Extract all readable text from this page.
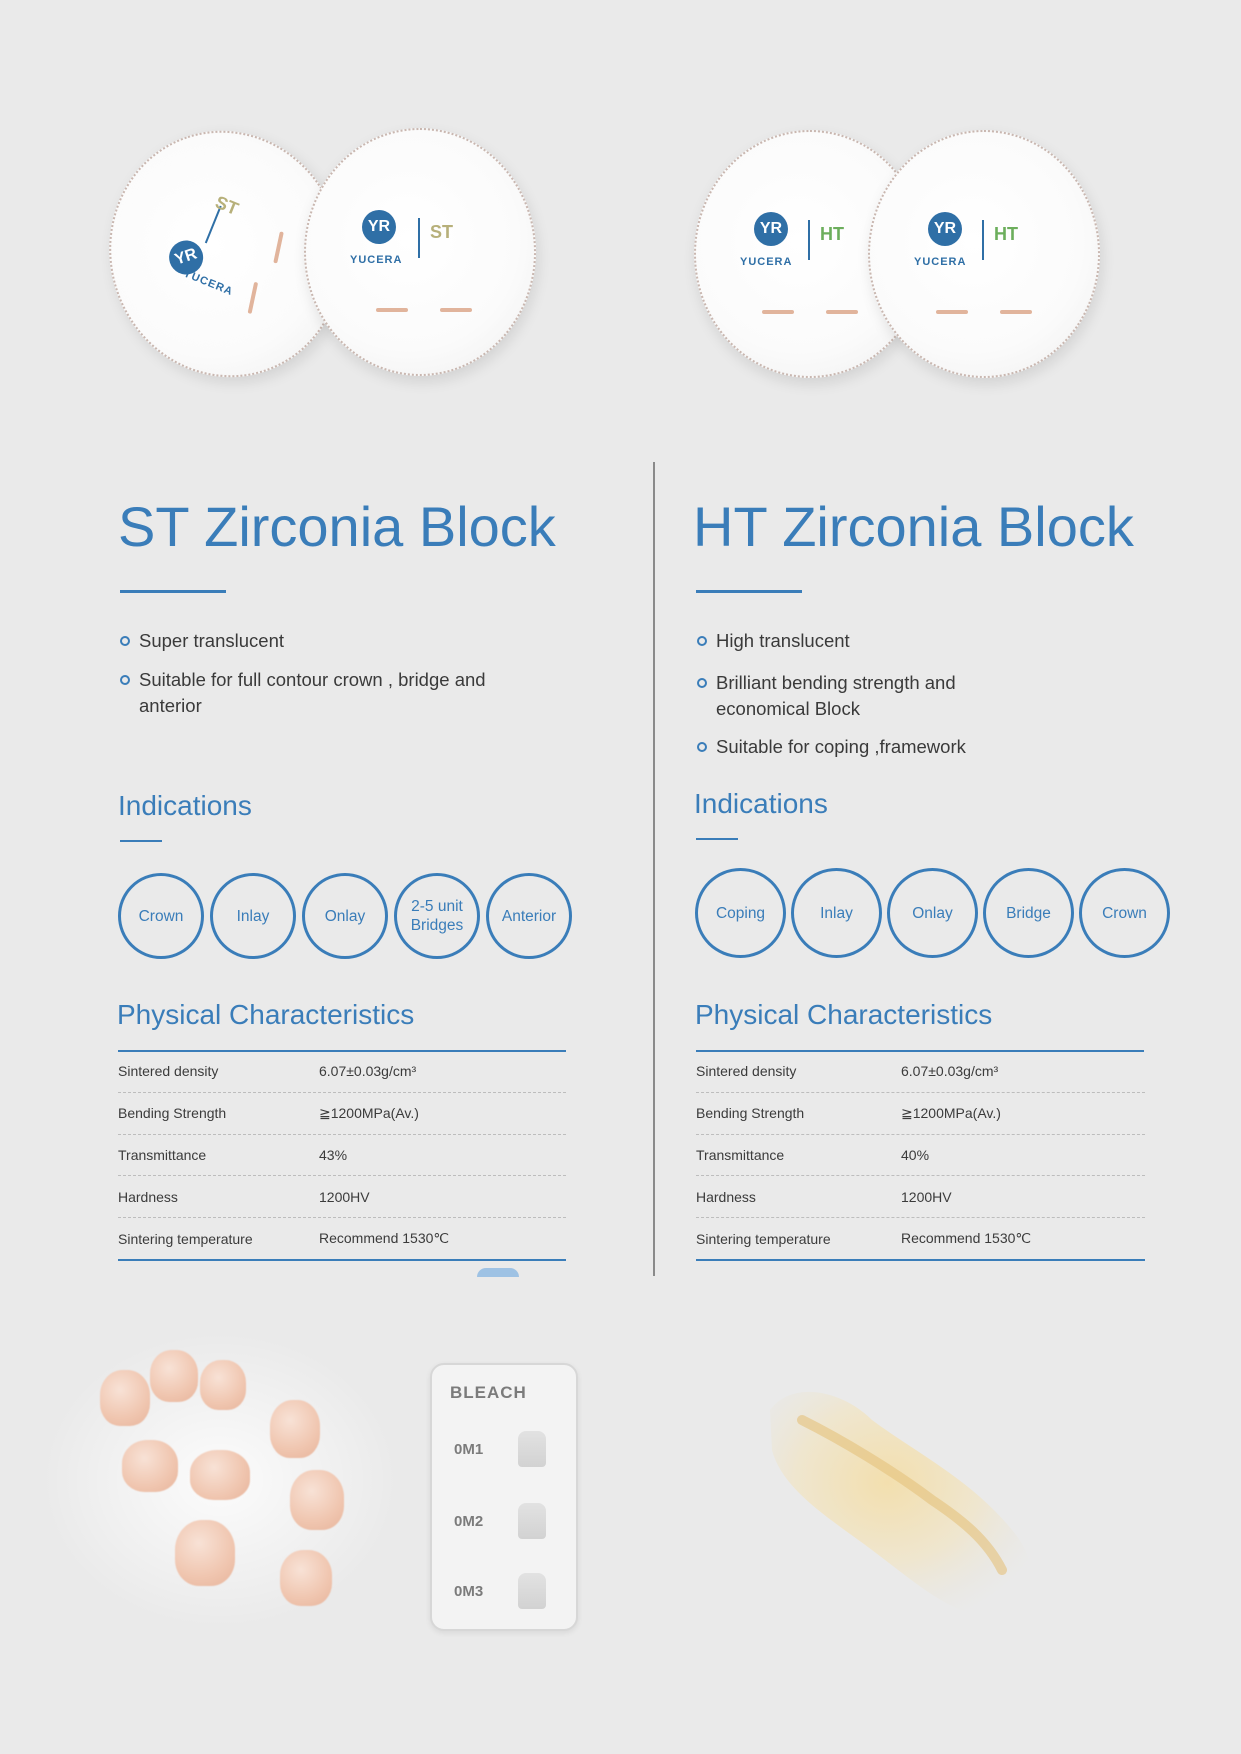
YR
YUCERA
ST
YR
YUCERA
ST	YR
YUCERA
HT	YR
YUCERA
HT
ST Zirconia Block
Super translucent
Suitable for full contour crown , bridge and anterior
Indications
Crown	Inlay	Onlay
2-5 unit Bridges
Anterior
Physical Characteristics
Sintered density	6.07±0.03g/cm³
Bending Strength	≧1200MPa(Av.)
Transmittance	43%
Hardness	1200HV
Sintering temperature	Recommend 1530℃
HT Zirconia Block
High translucent
Brilliant bending strength and economical Block
Suitable for coping ,framework
Indications
Coping	Inlay	Onlay	Bridge	Crown
Physical Characteristics
Sintered density	6.07±0.03g/cm³
Bending Strength	≧1200MPa(Av.)
Transmittance	40%
Hardness	1200HV
Sintering temperature	Recommend 1530℃
BLEACH
0M1
0M2
0M3
